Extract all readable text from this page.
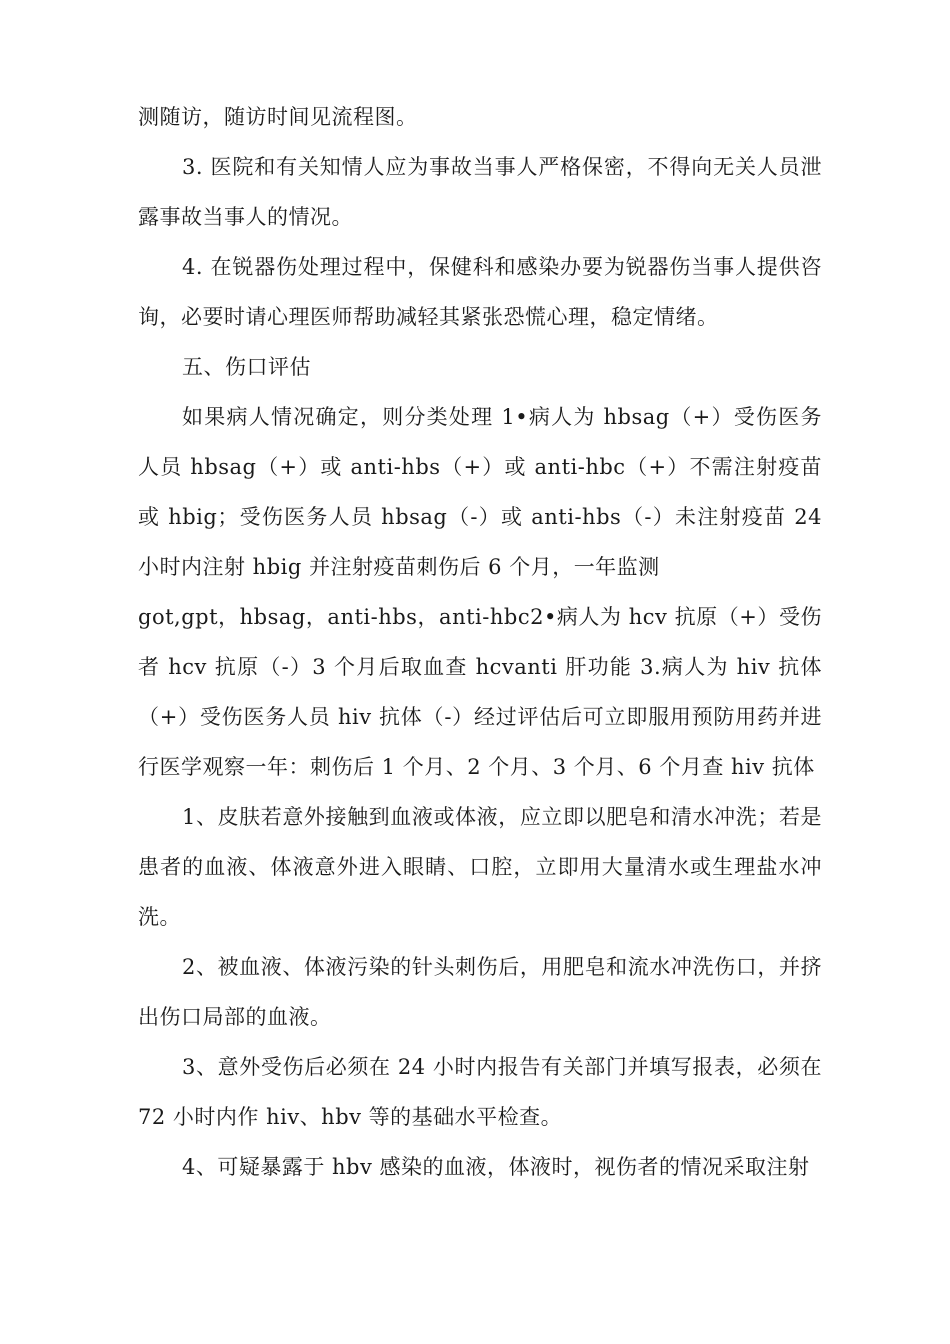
测随访，随访时间见流程图。

3. 医院和有关知情人应为事故当事人严格保密，不得向无关人员泄露事故当事人的情况。

4. 在锐器伤处理过程中，保健科和感染办要为锐器伤当事人提供咨询，必要时请心理医师帮助减轻其紧张恐慌心理，稳定情绪。

五、伤口评估

如果病人情况确定，则分类处理 1•病人为 hbsag（+）受伤医务人员 hbsag（+）或 anti-hbs（+）或 anti-hbc（+）不需注射疫苗或 hbig；受伤医务人员 hbsag（-）或 anti-hbs（-）未注射疫苗 24 小时内注射 hbig 并注射疫苗刺伤后 6 个月，一年监测

got,gpt，hbsag，anti-hbs，anti-hbc2•病人为 hcv 抗原（+）受伤者 hcv 抗原（-）3 个月后取血查 hcvanti 肝功能 3.病人为 hiv 抗体（+）受伤医务人员 hiv 抗体（-）经过评估后可立即服用预防用药并进行医学观察一年：刺伤后 1 个月、2 个月、3 个月、6 个月查 hiv 抗体

1、皮肤若意外接触到血液或体液，应立即以肥皂和清水冲洗；若是患者的血液、体液意外进入眼睛、口腔，立即用大量清水或生理盐水冲洗。

2、被血液、体液污染的针头刺伤后，用肥皂和流水冲洗伤口，并挤出伤口局部的血液。

3、意外受伤后必须在 24 小时内报告有关部门并填写报表，必须在 72 小时内作 hiv、hbv 等的基础水平检查。

4、可疑暴露于 hbv 感染的血液，体液时，视伤者的情况采取注射
